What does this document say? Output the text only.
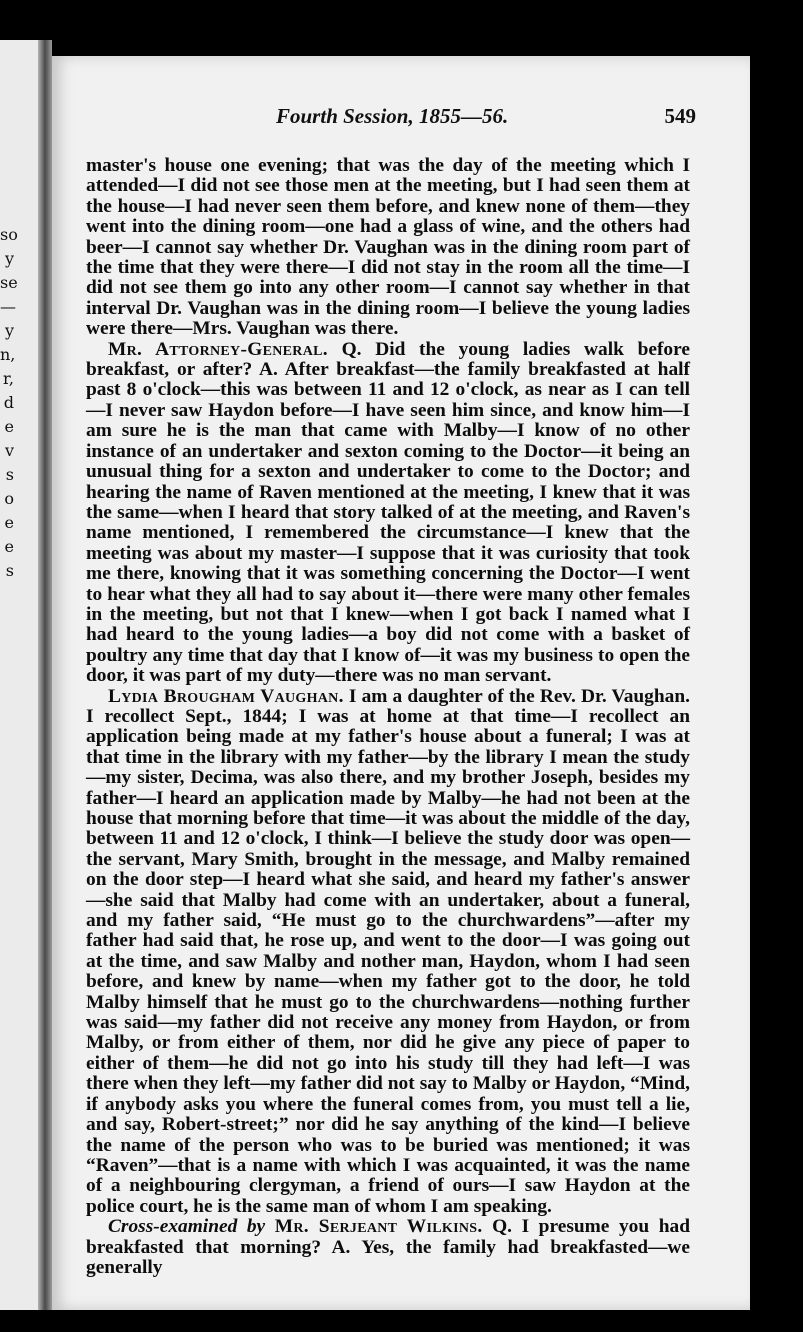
so
y
se
—
y
n,
r,
d
e
v
s
o
e
e
s
Fourth Session, 1855—56.	549

master's house one evening; that was the day of the meeting which I attended—I did not see those men at the meeting, but I had seen them at the house—I had never seen them before, and knew none of them—they went into the dining room—one had a glass of wine, and the others had beer—I cannot say whether Dr. Vaughan was in the dining room part of the time that they were there—I did not stay in the room all the time—I did not see them go into any other room—I cannot say whether in that interval Dr. Vaughan was in the dining room—I believe the young ladies were there—Mrs. Vaughan was there.

Mr. Attorney-General. Q. Did the young ladies walk before breakfast, or after? A. After breakfast—the family breakfasted at half past 8 o'clock—this was between 11 and 12 o'clock, as near as I can tell—I never saw Haydon before—I have seen him since, and know him—I am sure he is the man that came with Malby—I know of no other instance of an undertaker and sexton coming to the Doctor—it being an unusual thing for a sexton and undertaker to come to the Doctor; and hearing the name of Raven mentioned at the meeting, I knew that it was the same—when I heard that story talked of at the meeting, and Raven's name mentioned, I remembered the circumstance—I knew that the meeting was about my master—I suppose that it was curiosity that took me there, knowing that it was something concerning the Doctor—I went to hear what they all had to say about it—there were many other females in the meeting, but not that I knew—when I got back I named what I had heard to the young ladies—a boy did not come with a basket of poultry any time that day that I know of—it was my business to open the door, it was part of my duty—there was no man servant.

Lydia Brougham Vaughan. I am a daughter of the Rev. Dr. Vaughan. I recollect Sept., 1844; I was at home at that time—I recollect an application being made at my father's house about a funeral; I was at that time in the library with my father—by the library I mean the study—my sister, Decima, was also there, and my brother Joseph, besides my father—I heard an application made by Malby—he had not been at the house that morning before that time—it was about the middle of the day, between 11 and 12 o'clock, I think—I believe the study door was open—the servant, Mary Smith, brought in the message, and Malby remained on the door step—I heard what she said, and heard my father's answer—she said that Malby had come with an undertaker, about a funeral, and my father said, “He must go to the churchwardens”—after my father had said that, he rose up, and went to the door—I was going out at the time, and saw Malby and nother man, Haydon, whom I had seen before, and knew by name—when my father got to the door, he told Malby himself that he must go to the churchwardens—nothing further was said—my father did not receive any money from Haydon, or from Malby, or from either of them, nor did he give any piece of paper to either of them—he did not go into his study till they had left—I was there when they left—my father did not say to Malby or Haydon, “Mind, if anybody asks you where the funeral comes from, you must tell a lie, and say, Robert-street;” nor did he say anything of the kind—I believe the name of the person who was to be buried was mentioned; it was “Raven”—that is a name with which I was acquainted, it was the name of a neighbouring clergyman, a friend of ours—I saw Haydon at the police court, he is the same man of whom I am speaking.

Cross-examined by Mr. Serjeant Wilkins. Q. I presume you had breakfasted that morning? A. Yes, the family had breakfasted—we generally
